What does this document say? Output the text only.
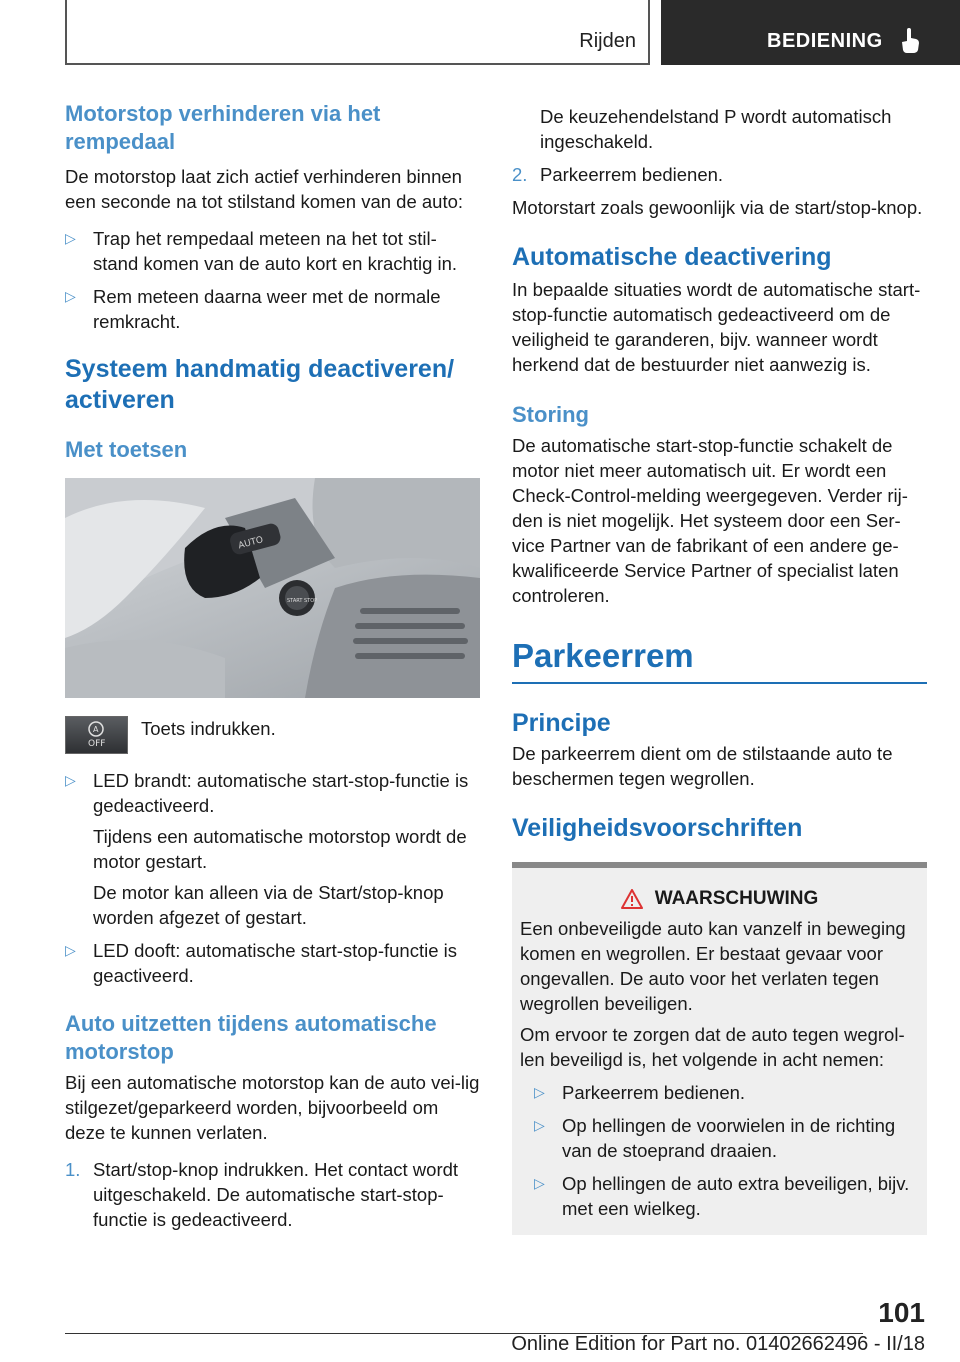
Rijden	BEDIENING
Motorstop verhinderen via het rempedaal

De motorstop laat zich actief verhinderen binnen een seconde na tot stilstand komen van de auto:

▷ Trap het rempedaal meteen na het tot stil-stand komen van de auto kort en krachtig in.
▷ Rem meteen daarna weer met de normale remkracht.
Systeem handmatig deactiveren/ activeren
Met toetsen
AUTO
START STOP
A
OFF
Toets indrukken.
▷ LED brandt: automatische start-stop-functie is gedeactiveerd.
Tijdens een automatische motorstop wordt de motor gestart.
De motor kan alleen via de Start/stop-knop worden afgezet of gestart.
▷ LED dooft: automatische start-stop-functie is geactiveerd.
Auto uitzetten tijdens automatische motorstop

Bij een automatische motorstop kan de auto vei-lig stilgezet/geparkeerd worden, bijvoorbeeld om deze te kunnen verlaten.

1. Start/stop-knop indrukken. Het contact wordt uitgeschakeld. De automatische start-stop-functie is gedeactiveerd.
De keuzehendelstand P wordt automatisch ingeschakeld.
2. Parkeerrem bedienen.

Motorstart zoals gewoonlijk via de start/stop-knop.

Automatische deactivering

In bepaalde situaties wordt de automatische start-stop-functie automatisch gedeactiveerd om de veiligheid te garanderen, bijv. wanneer wordt herkend dat de bestuurder niet aanwezig is.

Storing

De automatische start-stop-functie schakelt de motor niet meer automatisch uit. Er wordt een Check-Control-melding weergegeven. Verder rij-den is niet mogelijk. Het systeem door een Ser-vice Partner van de fabrikant of een andere ge-kwalificeerde Service Partner of specialist laten controleren.

Parkeerrem
Principe

De parkeerrem dient om de stilstaande auto te beschermen tegen wegrollen.

Veiligheidsvoorschriften
WAARSCHUWING

Een onbeveiligde auto kan vanzelf in beweging komen en wegrollen. Er bestaat gevaar voor ongevallen. De auto voor het verlaten tegen wegrollen beveiligen.

Om ervoor te zorgen dat de auto tegen wegrol-len beveiligd is, het volgende in acht nemen:

▷ Parkeerrem bedienen.
▷ Op hellingen de voorwielen in de richting van de stoeprand draaien.
▷ Op hellingen de auto extra beveiligen, bijv. met een wielkeg.
101
Online Edition for Part no. 01402662496 - II/18
